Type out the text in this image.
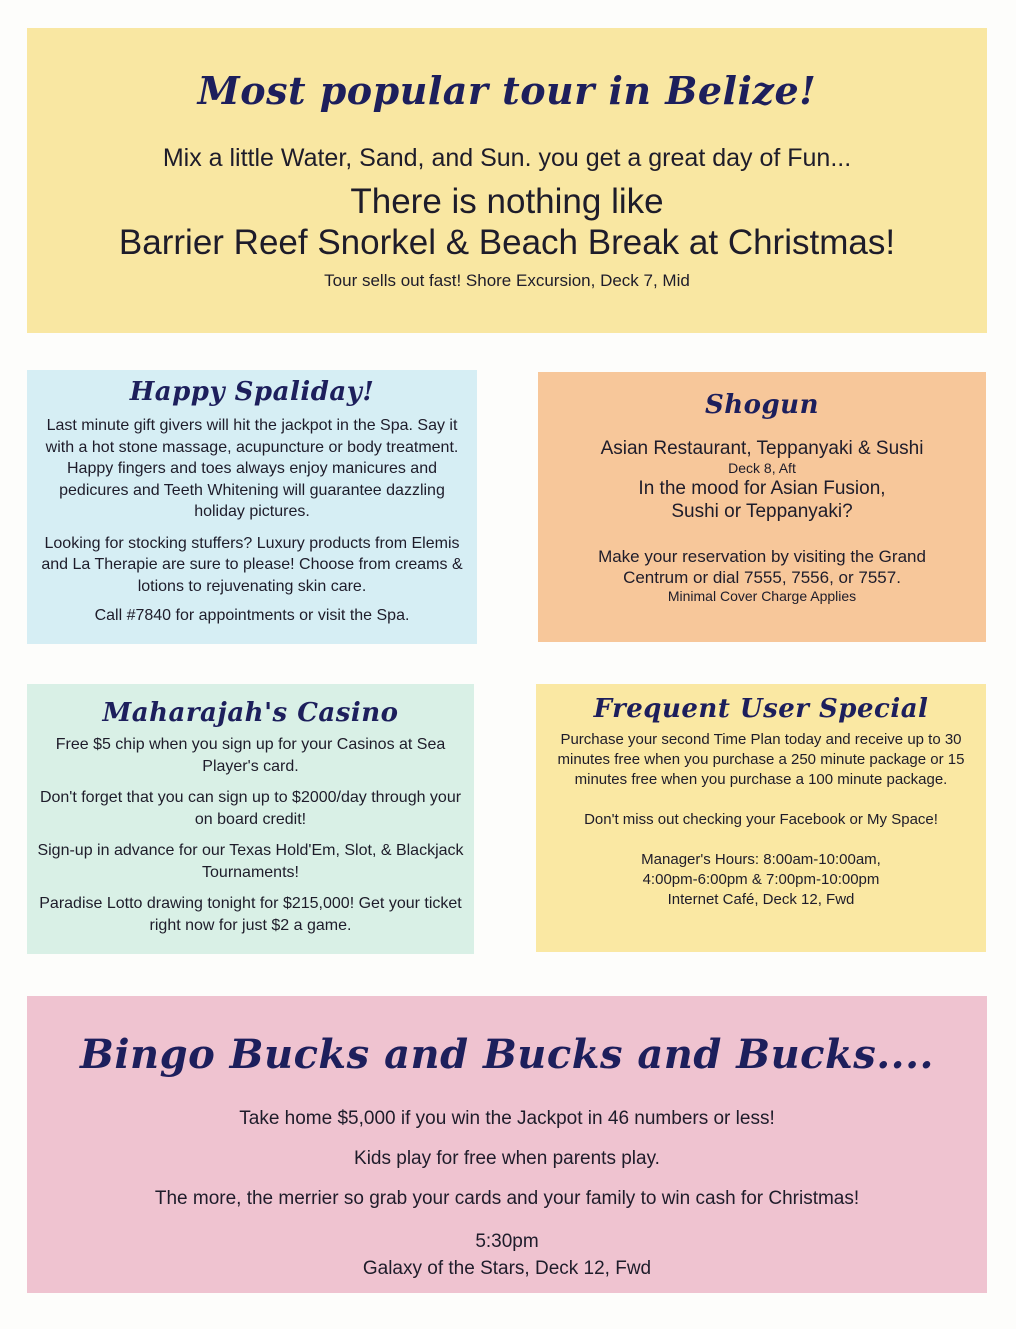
Most popular tour in Belize!
Mix a little Water, Sand, and Sun. you get a great day of Fun...
There is nothing like
Barrier Reef Snorkel & Beach Break at Christmas!
Tour sells out fast! Shore Excursion, Deck 7, Mid
Happy Spaliday!

Last minute gift givers will hit the jackpot in the Spa. Say it with a hot stone massage, acupuncture or body treatment. Happy fingers and toes always enjoy manicures and pedicures and Teeth Whitening will guarantee dazzling holiday pictures.

Looking for stocking stuffers? Luxury products from Elemis and La Therapie are sure to please! Choose from creams & lotions to rejuvenating skin care.

Call #7840 for appointments or visit the Spa.

Shogun

Asian Restaurant, Teppanyaki & Sushi

Deck 8, Aft

In the mood for Asian Fusion,

Sushi or Teppanyaki?

Make your reservation by visiting the Grand

Centrum or dial 7555, 7556, or 7557.

Minimal Cover Charge Applies

Maharajah's Casino

Free $5 chip when you sign up for your Casinos at Sea Player's card.

Don't forget that you can sign up to $2000/day through your on board credit!

Sign-up in advance for our Texas Hold'Em, Slot, & Blackjack Tournaments!

Paradise Lotto drawing tonight for $215,000! Get your ticket right now for just $2 a game.

Frequent User Special

Purchase your second Time Plan today and receive up to 30 minutes free when you purchase a 250 minute package or 15 minutes free when you purchase a 100 minute package.

Don't miss out checking your Facebook or My Space!

Manager's Hours: 8:00am-10:00am,

4:00pm-6:00pm & 7:00pm-10:00pm

Internet Café, Deck 12, Fwd

Bingo Bucks and Bucks and Bucks....

Take home $5,000 if you win the Jackpot in 46 numbers or less!

Kids play for free when parents play.

The more, the merrier so grab your cards and your family to win cash for Christmas!

5:30pm

Galaxy of the Stars, Deck 12, Fwd
